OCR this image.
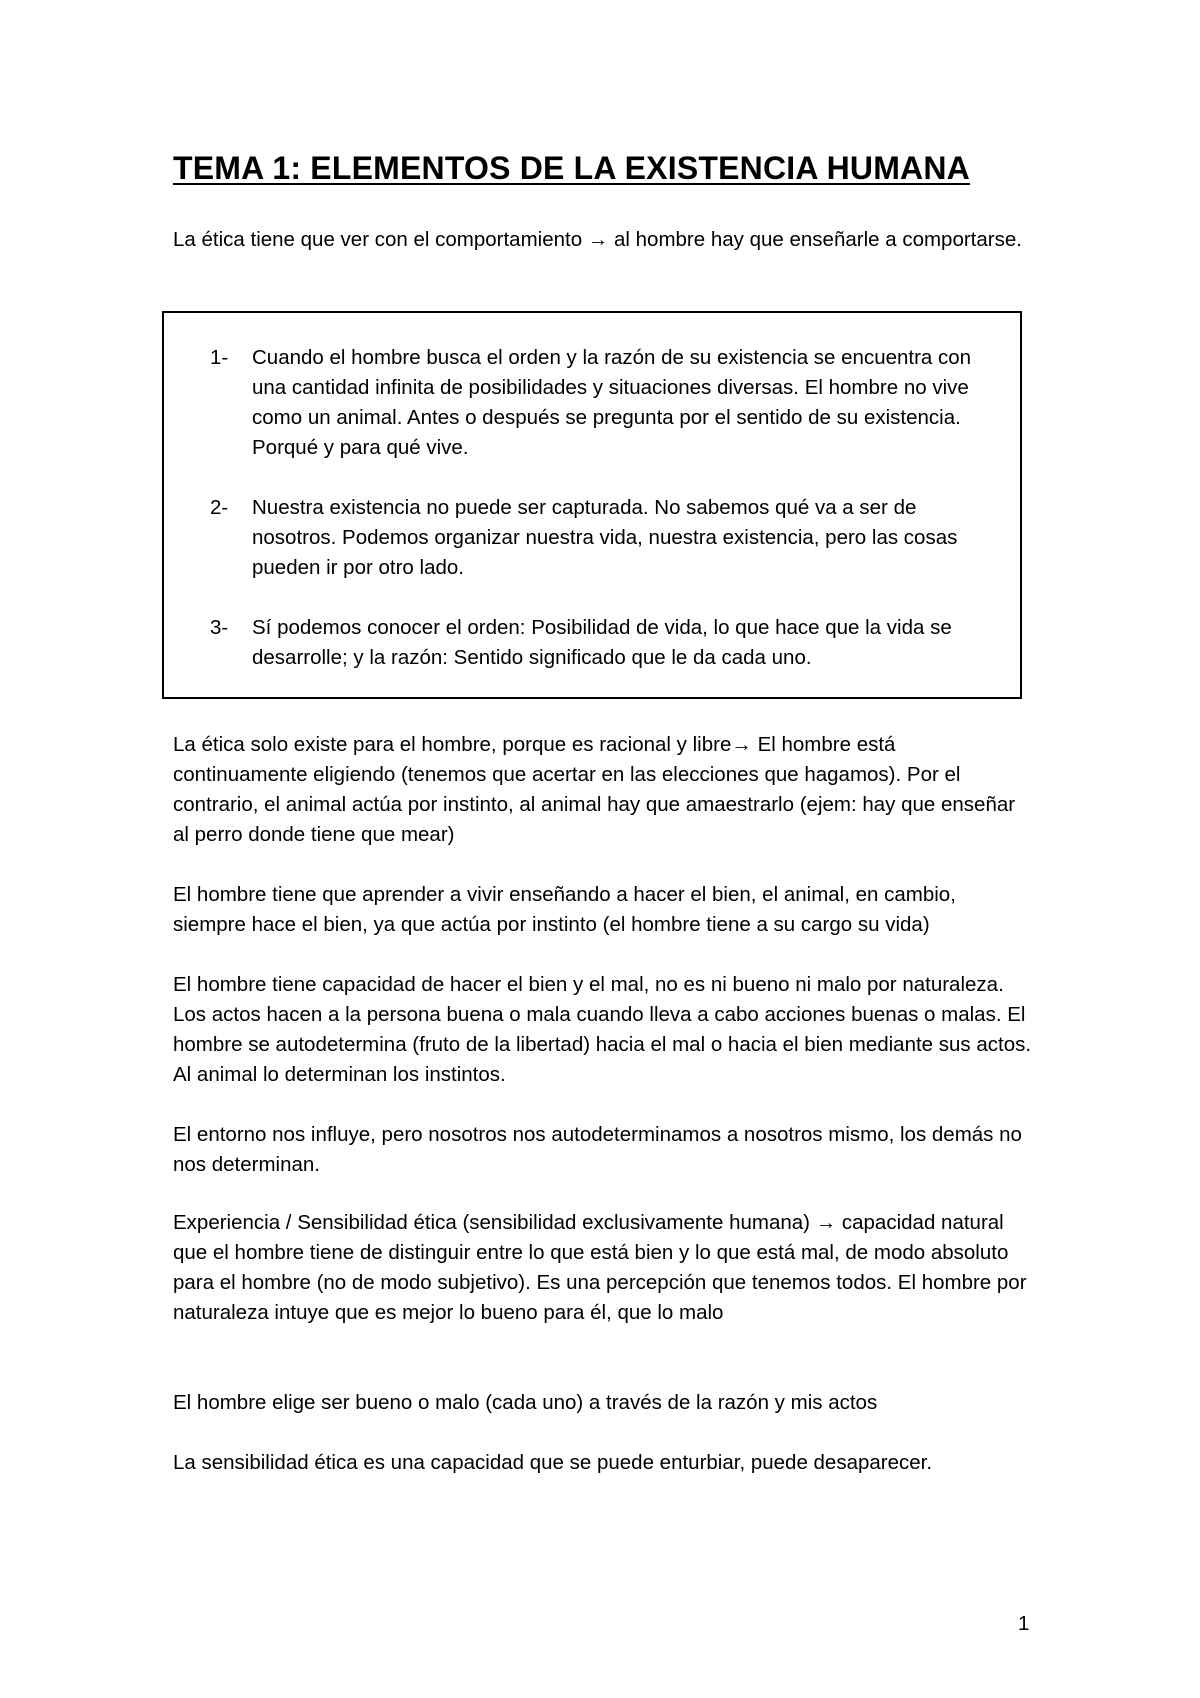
TEMA 1: ELEMENTOS DE LA EXISTENCIA HUMANA

La ética tiene que ver con el comportamiento → al hombre hay que enseñarle a comportarse.

1-	Cuando el hombre busca el orden y la razón de su existencia se encuentra con una cantidad infinita de posibilidades y situaciones diversas. El hombre no vive como un animal. Antes o después se pregunta por el sentido de su existencia. Porqué y para qué vive.
2-	Nuestra existencia no puede ser capturada. No sabemos qué va a ser de nosotros. Podemos organizar nuestra vida, nuestra existencia, pero las cosas pueden ir por otro lado.
3-	Sí podemos conocer el orden: Posibilidad de vida, lo que hace que la vida se desarrolle; y la razón: Sentido significado que le da cada uno.

La ética solo existe para el hombre, porque es racional y libre→ El hombre está continuamente eligiendo (tenemos que acertar en las elecciones que hagamos). Por el contrario, el animal actúa por instinto, al animal hay que amaestrarlo (ejem: hay que enseñar al perro donde tiene que mear)

El hombre tiene que aprender a vivir enseñando a hacer el bien, el animal, en cambio, siempre hace el bien, ya que actúa por instinto (el hombre tiene a su cargo su vida)

El hombre tiene capacidad de hacer el bien y el mal, no es ni bueno ni malo por naturaleza. Los actos hacen a la persona buena o mala cuando lleva a cabo acciones buenas o malas. El hombre se autodetermina (fruto de la libertad) hacia el mal o hacia el bien mediante sus actos. Al animal lo determinan los instintos.

El entorno nos influye, pero nosotros nos autodeterminamos a nosotros mismo, los demás no nos determinan.

Experiencia / Sensibilidad ética (sensibilidad exclusivamente humana) → capacidad natural que el hombre tiene de distinguir entre lo que está bien y lo que está mal, de modo absoluto para el hombre (no de modo subjetivo). Es una percepción que tenemos todos. El hombre por naturaleza intuye que es mejor lo bueno para él, que lo malo

El hombre elige ser bueno o malo (cada uno) a través de la razón y mis actos

La sensibilidad ética es una capacidad que se puede enturbiar, puede desaparecer.

1
